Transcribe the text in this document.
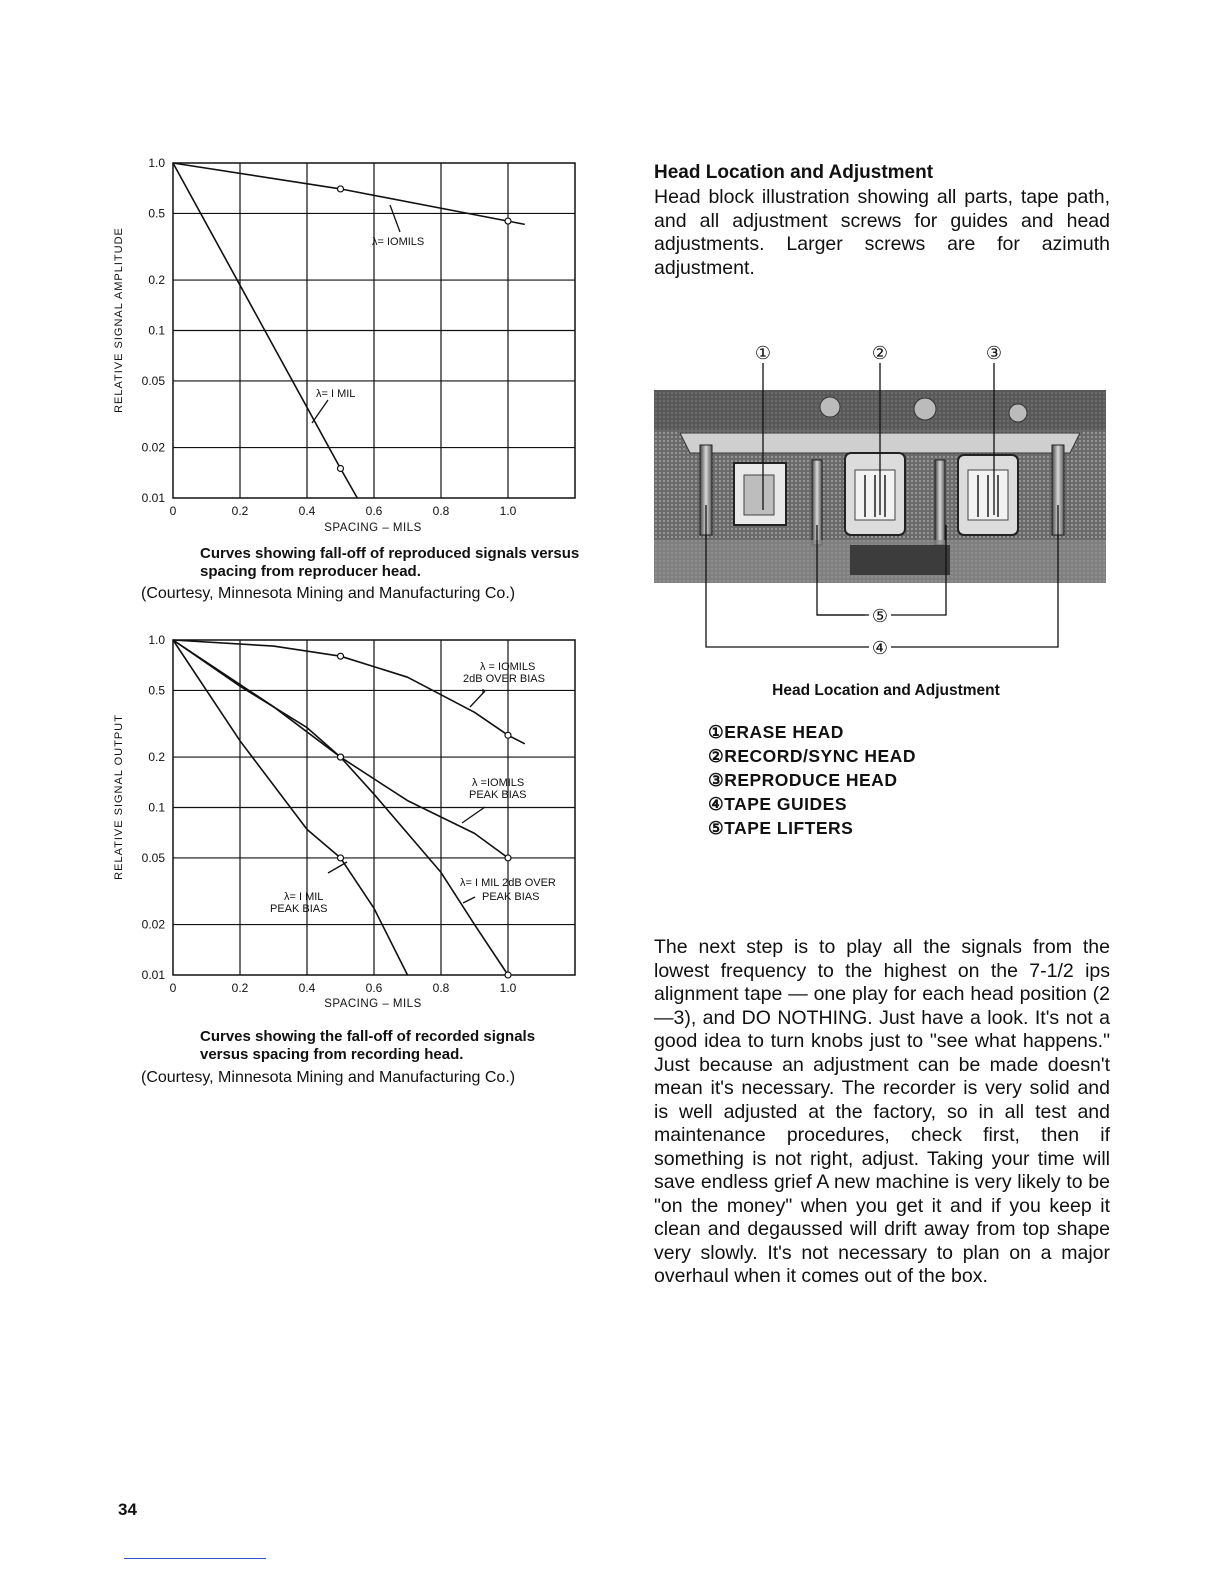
1.0
0.5
0.2
0.1
0.05
0.02
0.01
0	0.2	0.4	0.6	0.8	1.0
λ= IOMILS
λ= I MIL
RELATIVE SIGNAL AMPLITUDE
SPACING – MILS
Curves showing fall-off of reproduced signals versus spacing from reproducer head.
(Courtesy, Minnesota Mining and Manufacturing Co.)
1.0
0.5
0.2
0.1
0.05
0.02
0.01
0	0.2	0.4	0.6	0.8	1.0
λ = IOMILS
2dB OVER BIAS
λ =IOMILS
PEAK BIAS
λ= I MIL 2dB OVER
PEAK BIAS
λ= I MIL
PEAK BIAS
RELATIVE SIGNAL OUTPUT
SPACING – MILS
Curves showing the fall-off of recorded signals versus spacing from recording head.
(Courtesy, Minnesota Mining and Manufacturing Co.)
Head Location and Adjustment
Head block illustration showing all parts, tape path, and all adjustment screws for guides and head adjustments. Larger screws are for azimuth adjustment.
①	②	③
④
⑤
Head Location and Adjustment
①ERASE HEAD
②RECORD/SYNC HEAD
③REPRODUCE HEAD
④TAPE GUIDES
⑤TAPE LIFTERS
The next step is to play all the signals from the lowest frequency to the highest on the 7-1/2 ips alignment tape — one play for each head position (2—3), and DO NOTHING. Just have a look. It's not a good idea to turn knobs just to "see what happens." Just because an adjustment can be made doesn't mean it's necessary. The recorder is very solid and is well adjusted at the factory, so in all test and maintenance procedures, check first, then if something is not right, adjust. Taking your time will save endless grief A new machine is very likely to be "on the money" when you get it and if you keep it clean and degaussed will drift away from top shape very slowly. It's not necessary to plan on a major overhaul when it comes out of the box.
34
